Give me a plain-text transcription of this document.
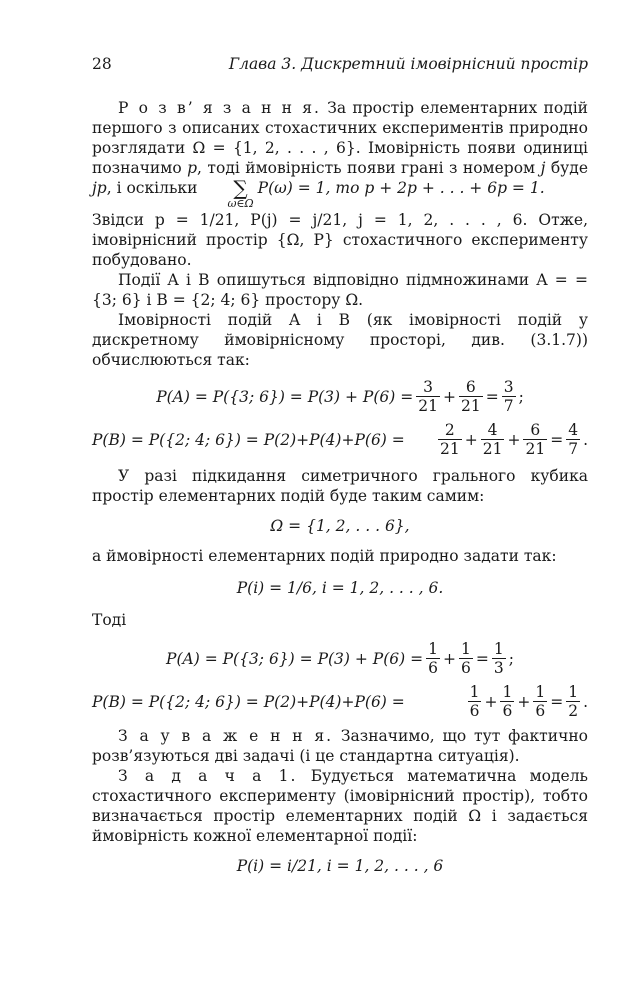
28	Глава 3. Дискретний імовірнісний простір

Р о з в’ я з а н н я. За простір елементарних подій першого з описаних стохастичних експериментів природно розглядати Ω = {1, 2, . . . , 6}. Імовірність появи одиниці позначимо p, тоді ймовірність появи грані з номером j буде jp, і оскільки	∑
ω∈Ω
P(ω) = 1, то p + 2p + . . . + 6p = 1.

Звідси p = 1/21, P(j) = j/21, j = 1, 2, . . . , 6. Отже, імовірнісний простір {Ω, P} стохастичного експерименту побудовано.

Події A і B опишуться відповідно підмножинами A = = {3; 6} і B = {2; 4; 6} простору Ω.

Імовірності подій A і B (як імовірності подій у дискретному ймовірнісному просторі, див. (3.1.7)) обчислюються так:

P(A) = P({3; $6\}) = P(3) + P(6) = \frac{3}{21} + \frac{6}{21} = \frac{3}{7}$ ;
P(B) = P({2; 4; $6\}) = P(2)+P(4)+P(6) = \frac{2}{21} + \frac{4}{21} + \frac{6}{21} = \frac{4}{7}$ .

У разі підкидання симетричного грального кубика простір елементарних подій буде таким самим:

Ω = {1, 2, . . . 6},

а ймовірності елементарних подій природно задати так:

P(i) = 1/6, i = 1, 2, . . . , 6.

Тоді

P(A) = P({3; $6\}) = P(3) + P(6) = \frac{1}{6} + \frac{1}{6} = \frac{1}{3}$ ;
P(B) = P({2; 4; 6}) = P(2)+P(4)+P(6) =	$\frac{1}{6} + \frac{1}{6} + \frac{1}{6} = \frac{1}{2}$ .

З а у в а ж е н н я. Зазначимо, що тут фактично розв’язуються дві задачі (і це стандартна ситуація).

З а д а ч а 1. Будується математична модель стохастичного експерименту (імовірнісний простір), тобто визначається простір елементарних подій Ω і задається ймовірність кожної елементарної події:

P(i) = i/21, i = 1, 2, . . . , 6
